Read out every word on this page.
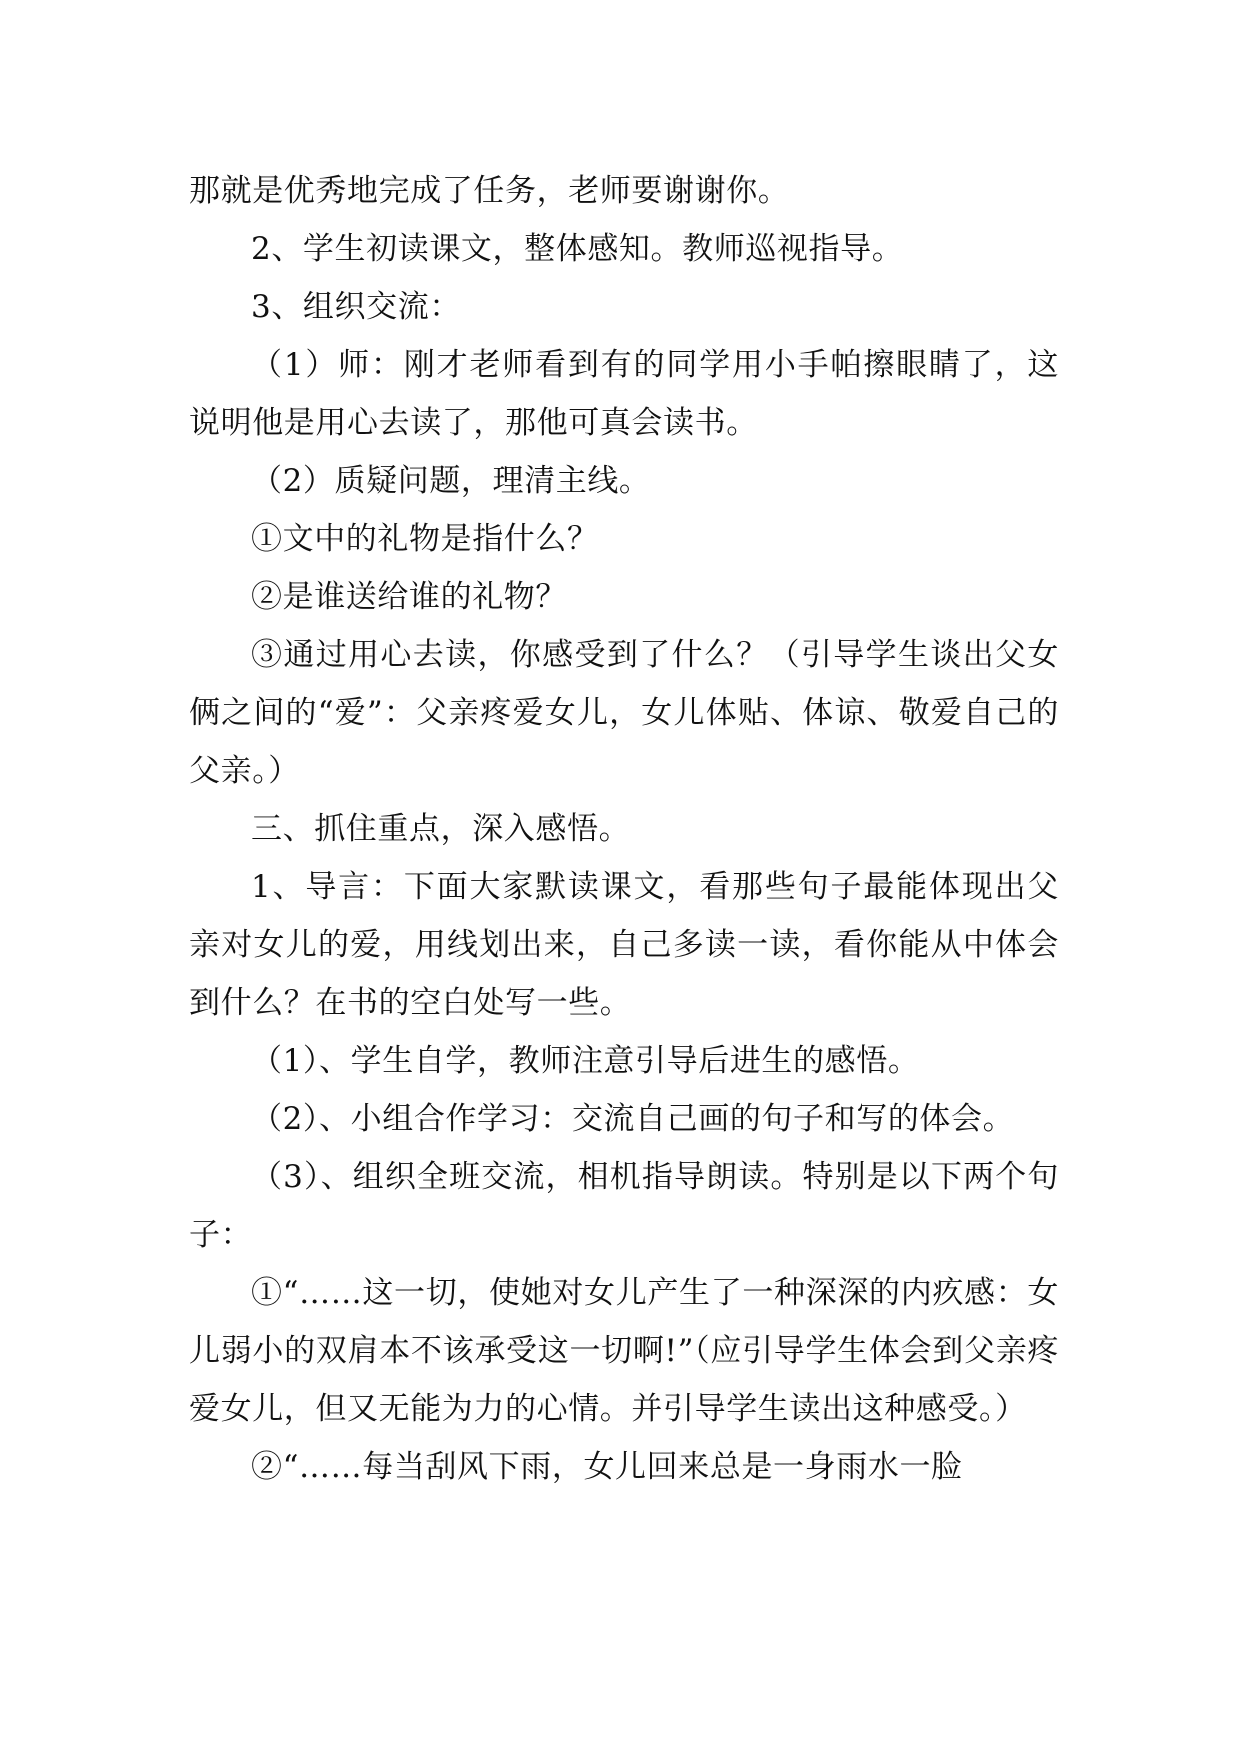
那就是优秀地完成了任务，老师要谢谢你。

2、学生初读课文，整体感知。教师巡视指导。

3、组织交流：

（1）师：刚才老师看到有的同学用小手帕擦眼睛了，这说明他是用心去读了，那他可真会读书。

（2）质疑问题，理清主线。

①文中的礼物是指什么？

②是谁送给谁的礼物？

③通过用心去读，你感受到了什么？（引导学生谈出父女俩之间的“爱”：父亲疼爱女儿，女儿体贴、体谅、敬爱自己的父亲。）

三、抓住重点，深入感悟。

1、导言：下面大家默读课文，看那些句子最能体现出父亲对女儿的爱，用线划出来，自己多读一读，看你能从中体会到什么？在书的空白处写一些。

（1）、学生自学，教师注意引导后进生的感悟。

（2）、小组合作学习：交流自己画的句子和写的体会。

（3）、组织全班交流，相机指导朗读。特别是以下两个句子：

①“……这一切，使她对女儿产生了一种深深的内疚感：女儿弱小的双肩本不该承受这一切啊!”（应引导学生体会到父亲疼爱女儿，但又无能为力的心情。并引导学生读出这种感受。）

②“……每当刮风下雨，女儿回来总是一身雨水一脸
